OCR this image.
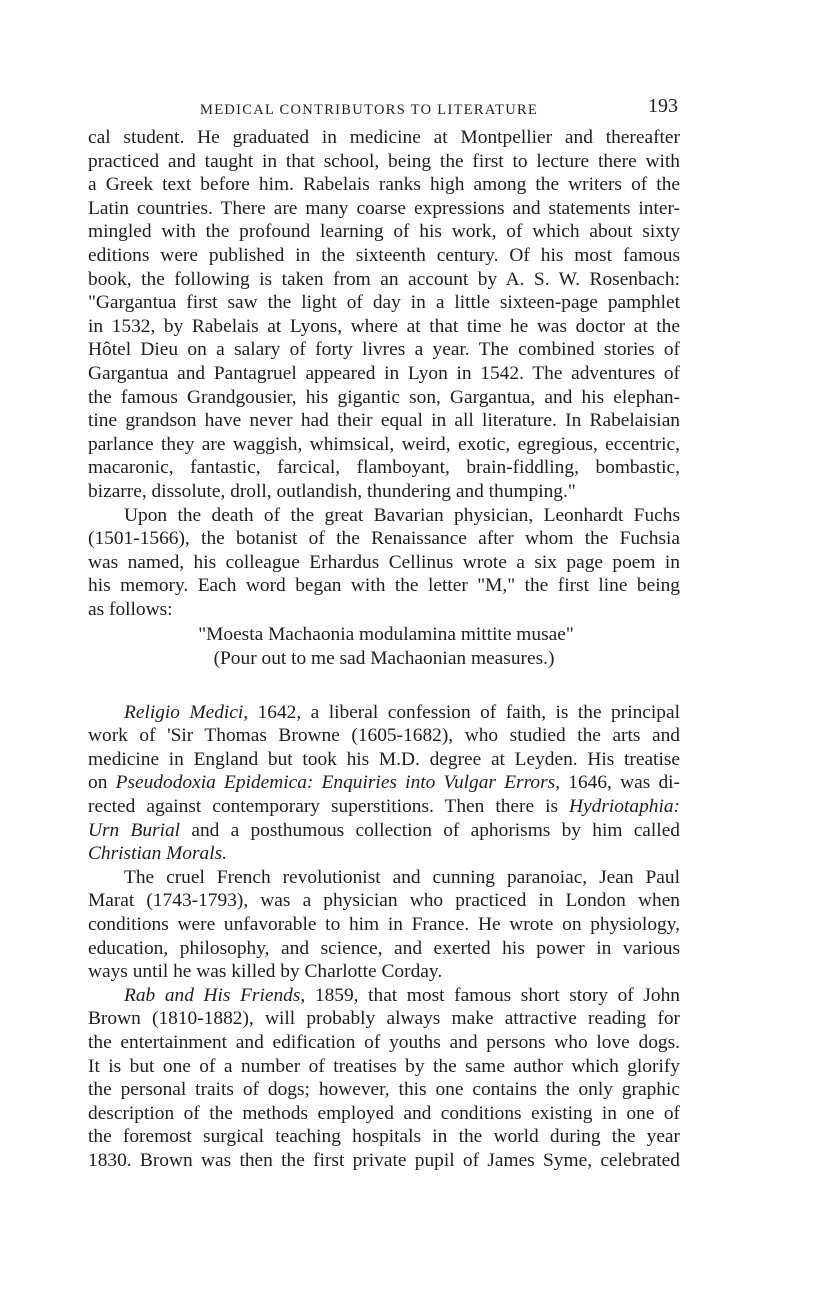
MEDICAL CONTRIBUTORS TO LITERATURE	193
cal student. He graduated in medicine at Montpellier and thereafter
practiced and taught in that school, being the first to lecture there with
a Greek text before him. Rabelais ranks high among the writers of the
Latin countries. There are many coarse expressions and statements inter-
mingled with the profound learning of his work, of which about sixty
editions were published in the sixteenth century. Of his most famous
book, the following is taken from an account by A. S. W. Rosenbach:
"Gargantua first saw the light of day in a little sixteen-page pamphlet
in 1532, by Rabelais at Lyons, where at that time he was doctor at the
Hôtel Dieu on a salary of forty livres a year. The combined stories of
Gargantua and Pantagruel appeared in Lyon in 1542. The adventures of
the famous Grandgousier, his gigantic son, Gargantua, and his elephan-
tine grandson have never had their equal in all literature. In Rabelaisian
parlance they are waggish, whimsical, weird, exotic, egregious, eccentric,
macaronic, fantastic, farcical, flamboyant, brain-fiddling, bombastic,
bizarre, dissolute, droll, outlandish, thundering and thumping."
Upon the death of the great Bavarian physician, Leonhardt Fuchs
(1501-1566), the botanist of the Renaissance after whom the Fuchsia
was named, his colleague Erhardus Cellinus wrote a six page poem in
his memory. Each word began with the letter "M," the first line being
as follows:
"Moesta Machaonia modulamina mittite musae"
(Pour out to me sad Machaonian measures.)
Religio Medici, 1642, a liberal confession of faith, is the principal
work of 'Sir Thomas Browne (1605-1682), who studied the arts and
medicine in England but took his M.D. degree at Leyden. His treatise
on Pseudodoxia Epidemica: Enquiries into Vulgar Errors, 1646, was di-
rected against contemporary superstitions. Then there is Hydriotaphia:
Urn Burial and a posthumous collection of aphorisms by him called
Christian Morals.
The cruel French revolutionist and cunning paranoiac, Jean Paul
Marat (1743-1793), was a physician who practiced in London when
conditions were unfavorable to him in France. He wrote on physiology,
education, philosophy, and science, and exerted his power in various
ways until he was killed by Charlotte Corday.
Rab and His Friends, 1859, that most famous short story of John
Brown (1810-1882), will probably always make attractive reading for
the entertainment and edification of youths and persons who love dogs.
It is but one of a number of treatises by the same author which glorify
the personal traits of dogs; however, this one contains the only graphic
description of the methods employed and conditions existing in one of
the foremost surgical teaching hospitals in the world during the year
1830. Brown was then the first private pupil of James Syme, celebrated
